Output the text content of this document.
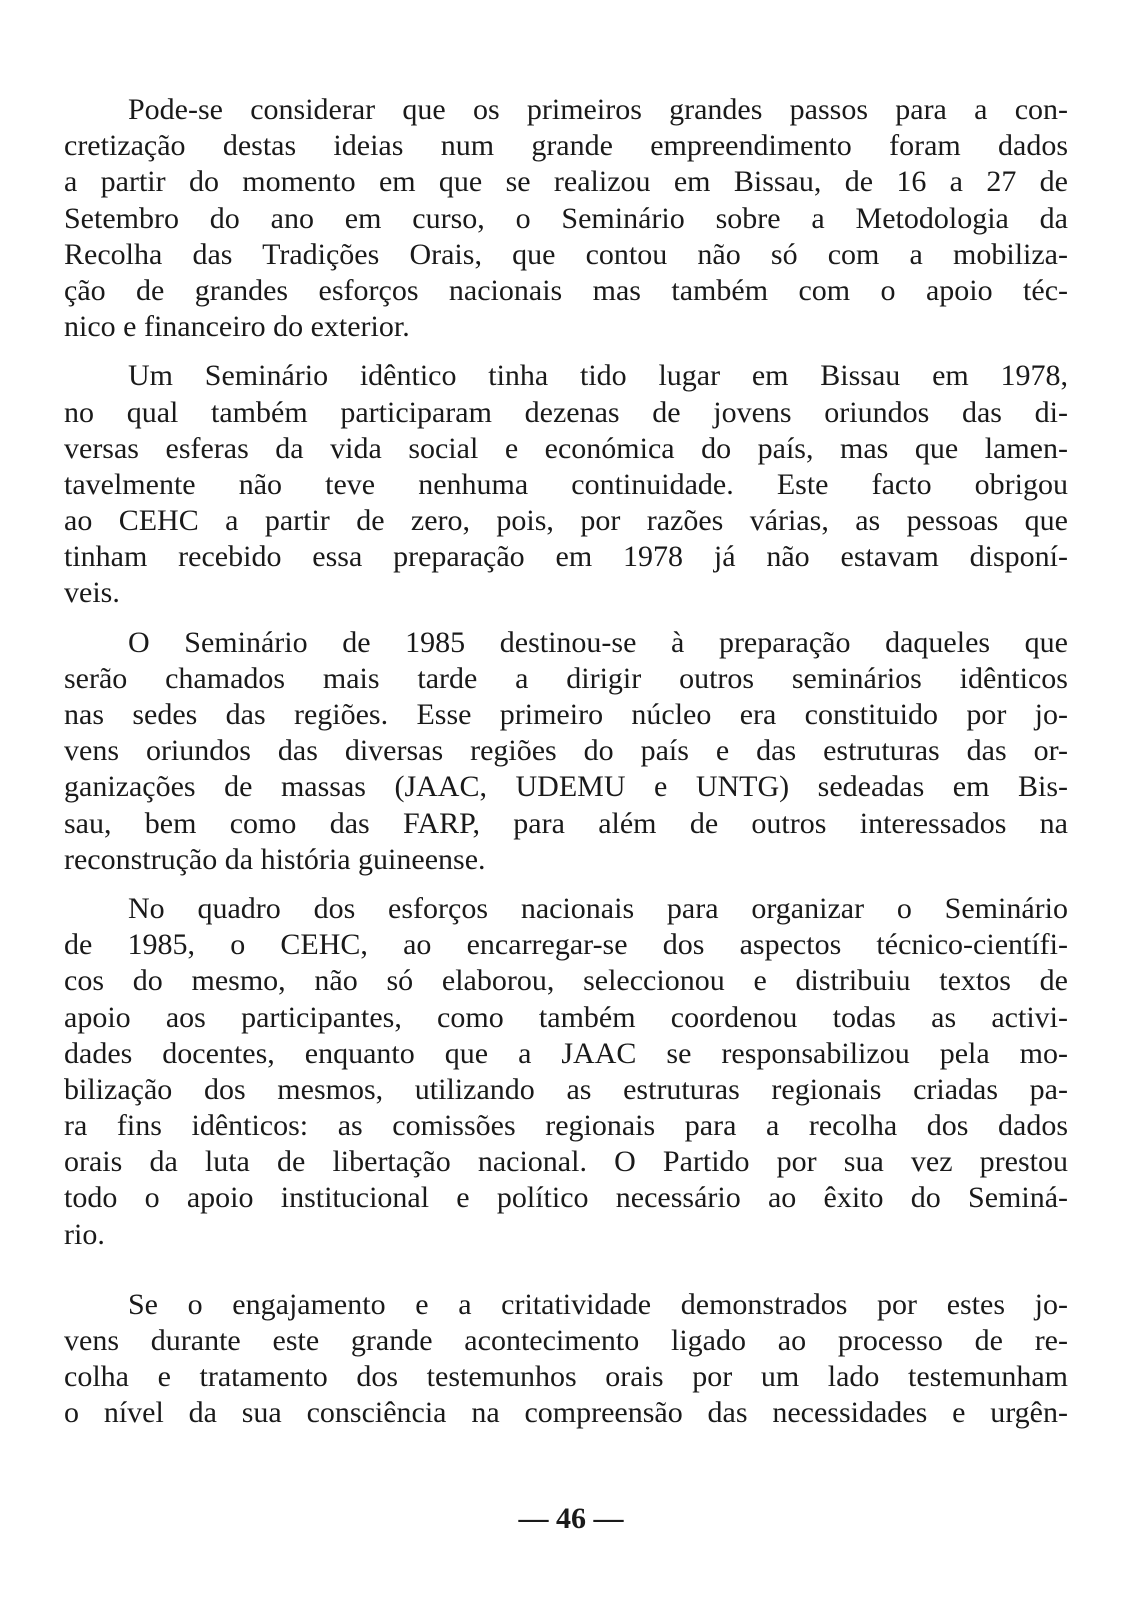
Pode-se considerar que os primeiros grandes passos para a con-
cretização destas ideias num grande empreendimento foram dados
a partir do momento em que se realizou em Bissau, de 16 a 27 de
Setembro do ano em curso, o Seminário sobre a Metodologia da
Recolha das Tradições Orais, que contou não só com a mobiliza-
ção de grandes esforços nacionais mas também com o apoio téc-
nico e financeiro do exterior.
Um Seminário idêntico tinha tido lugar em Bissau em 1978,
no qual também participaram dezenas de jovens oriundos das di-
versas esferas da vida social e económica do país, mas que lamen-
tavelmente não teve nenhuma continuidade. Este facto obrigou
ao CEHC a partir de zero, pois, por razões várias, as pessoas que
tinham recebido essa preparação em 1978 já não estavam disponí-
veis.
O Seminário de 1985 destinou-se à preparação daqueles que
serão chamados mais tarde a dirigir outros seminários idênticos
nas sedes das regiões. Esse primeiro núcleo era constituido por jo-
vens oriundos das diversas regiões do país e das estruturas das or-
ganizações de massas (JAAC, UDEMU e UNTG) sedeadas em Bis-
sau, bem como das FARP, para além de outros interessados na
reconstrução da história guineense.
No quadro dos esforços nacionais para organizar o Seminário
de 1985, o CEHC, ao encarregar-se dos aspectos técnico-científi-
cos do mesmo, não só elaborou, seleccionou e distribuiu textos de
apoio aos participantes, como também coordenou todas as activi-
dades docentes, enquanto que a JAAC se responsabilizou pela mo-
bilização dos mesmos, utilizando as estruturas regionais criadas pa-
ra fins idênticos: as comissões regionais para a recolha dos dados
orais da luta de libertação nacional. O Partido por sua vez prestou
todo o apoio institucional e político necessário ao êxito do Seminá-
rio.
Se o engajamento e a critatividade demonstrados por estes jo-
vens durante este grande acontecimento ligado ao processo de re-
colha e tratamento dos testemunhos orais por um lado testemunham
o nível da sua consciência na compreensão das necessidades e urgên-
— 46 —
